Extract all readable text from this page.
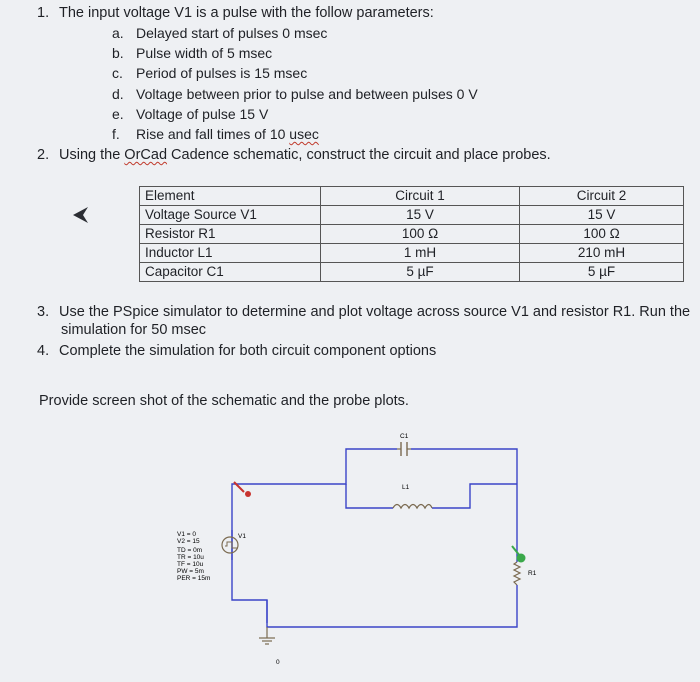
1. The input voltage V1 is a pulse with the follow parameters:
a. Delayed start of pulses 0 msec
b. Pulse width of 5 msec
c. Period of pulses is 15 msec
d. Voltage between prior to pulse and between pulses 0 V
e. Voltage of pulse 15 V
f. Rise and fall times of 10 usec
2. Using the OrCad Cadence schematic, construct the circuit and place probes.
Element	Circuit 1	Circuit 2
Voltage Source V1	15 V	15 V
Resistor R1	100 Ω	100 Ω
Inductor L1	1 mH	210 mH
Capacitor C1	5 µF	5 µF
3. Use the PSpice simulator to determine and plot voltage across source V1 and resistor R1. Run the
simulation for 50 msec
4. Complete the simulation for both circuit component options
Provide screen shot of the schematic and the probe plots.
C1
L1
R1
V1
0
V1 = 0
V2 = 15
TD = 0m
TR = 10u
TF = 10u
PW = 5m
PER = 15m
